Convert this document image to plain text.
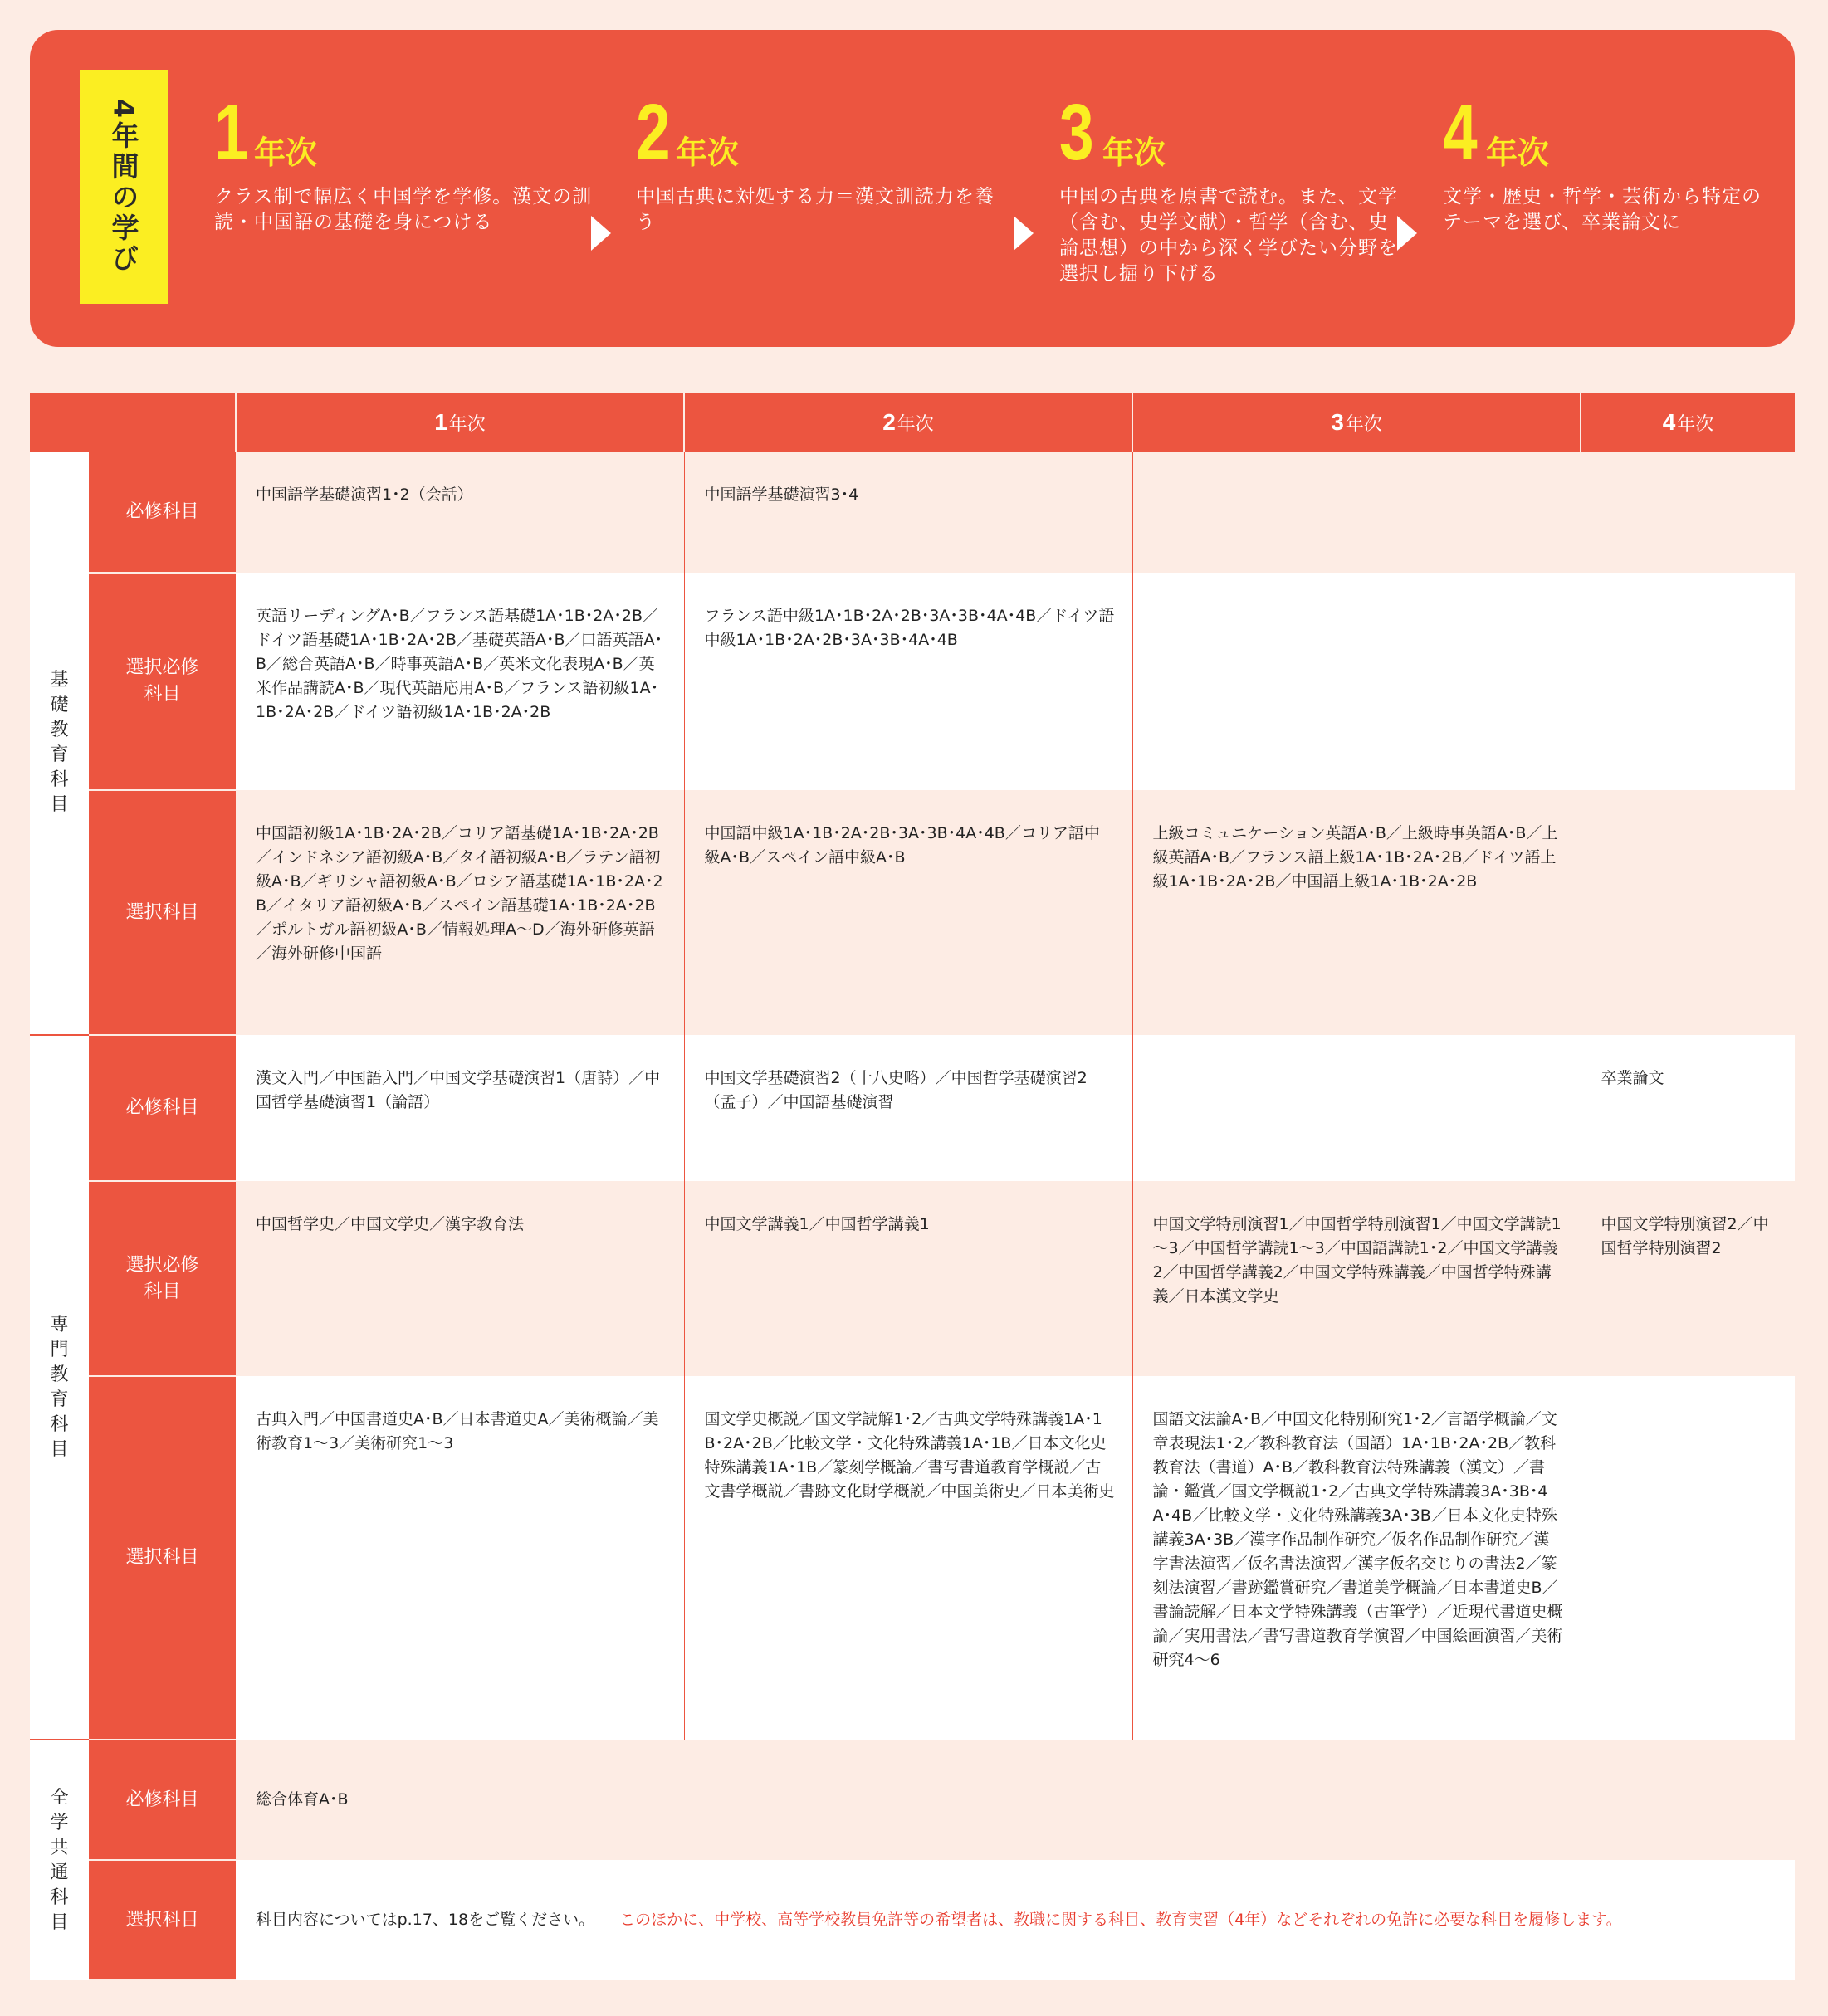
4年間の学び 1 年次
クラス制で幅広く中国学を学修。漢文の訓読・中国語の基礎を身につける
2 年次
中国古典に対処する力＝漢文訓読力を養う
3 年次
中国の古典を原書で読む。また、文学（含む、史学文献）・哲学（含む、史論思想）の中から深く学びたい分野を選択し掘り下げる
4 年次
文学・歴史・哲学・芸術から特定のテーマを選び、卒業論文に
		1年次	2年次	3年次	4年次

基礎教育科目	必修科目	中国語学基礎演習1･2（会話）	中国語学基礎演習3･4		

	選択必修科目	英語リーディングA･B／フランス語基礎1A･1B･2A･2B／ドイツ語基礎1A･1B･2A･2B／基礎英語A･B／口語英語A･B／総合英語A･B／時事英語A･B／英米文化表現A･B／英米作品講読A･B／現代英語応用A･B／フランス語初級1A･1B･2A･2B／ドイツ語初級1A･1B･2A･2B	フランス語中級1A･1B･2A･2B･3A･3B･4A･4B／ドイツ語中級1A･1B･2A･2B･3A･3B･4A･4B		
	選択科目	中国語初級1A･1B･2A･2B／コリア語基礎1A･1B･2A･2B／インドネシア語初級A･B／タイ語初級A･B／ラテン語初級A･B／ギリシャ語初級A･B／ロシア語基礎1A･1B･2A･2B／イタリア語初級A･B／スペイン語基礎1A･1B･2A･2B／ポルトガル語初級A･B／情報処理A～D／海外研修英語／海外研修中国語	中国語中級1A･1B･2A･2B･3A･3B･4A･4B／コリア語中級A･B／スペイン語中級A･B	上級コミュニケーション英語A･B／上級時事英語A･B／上級英語A･B／フランス語上級1A･1B･2A･2B／ドイツ語上級1A･1B･2A･2B／中国語上級1A･1B･2A･2B	

専門教育科目	必修科目	漢文入門／中国語入門／中国文学基礎演習1（唐詩）／中国哲学基礎演習1（論語）	中国文学基礎演習2（十八史略）／中国哲学基礎演習2（孟子）／中国語基礎演習		卒業論文

	選択必修科目	中国哲学史／中国文学史／漢字教育法	中国文学講義1／中国哲学講義1	中国文学特別演習1／中国哲学特別演習1／中国文学講読1～3／中国哲学講読1～3／中国語講読1･2／中国文学講義2／中国哲学講義2／中国文学特殊講義／中国哲学特殊講義／日本漢文学史	中国文学特別演習2／中国哲学特別演習2
	選択科目	古典入門／中国書道史A･B／日本書道史A／美術概論／美術教育1～3／美術研究1～3	国文学史概説／国文学読解1･2／古典文学特殊講義1A･1B･2A･2B／比較文学・文化特殊講義1A･1B／日本文化史特殊講義1A･1B／篆刻学概論／書写書道教育学概説／古文書学概説／書跡文化財学概説／中国美術史／日本美術史	国語文法論A･B／中国文化特別研究1･2／言語学概論／文章表現法1･2／教科教育法（国語）1A･1B･2A･2B／教科教育法（書道）A･B／教科教育法特殊講義（漢文）／書論・鑑賞／国文学概説1･2／古典文学特殊講義3A･3B･4A･4B／比較文学・文化特殊講義3A･3B／日本文化史特殊講義3A･3B／漢字作品制作研究／仮名作品制作研究／漢字書法演習／仮名書法演習／漢字仮名交じりの書法2／篆刻法演習／書跡鑑賞研究／書道美学概論／日本書道史B／書論読解／日本文学特殊講義（古筆学）／近現代書道史概論／実用書法／書写書道教育学演習／中国絵画演習／美術研究4～6	

全学共通科目	必修科目	総合体育A･B			
	選択科目	科目内容についてはp.17、18をご覧ください。 このほかに、中学校、高等学校教員免許等の希望者は、教職に関する科目、教育実習（4年）などそれぞれの免許に必要な科目を履修します。			
